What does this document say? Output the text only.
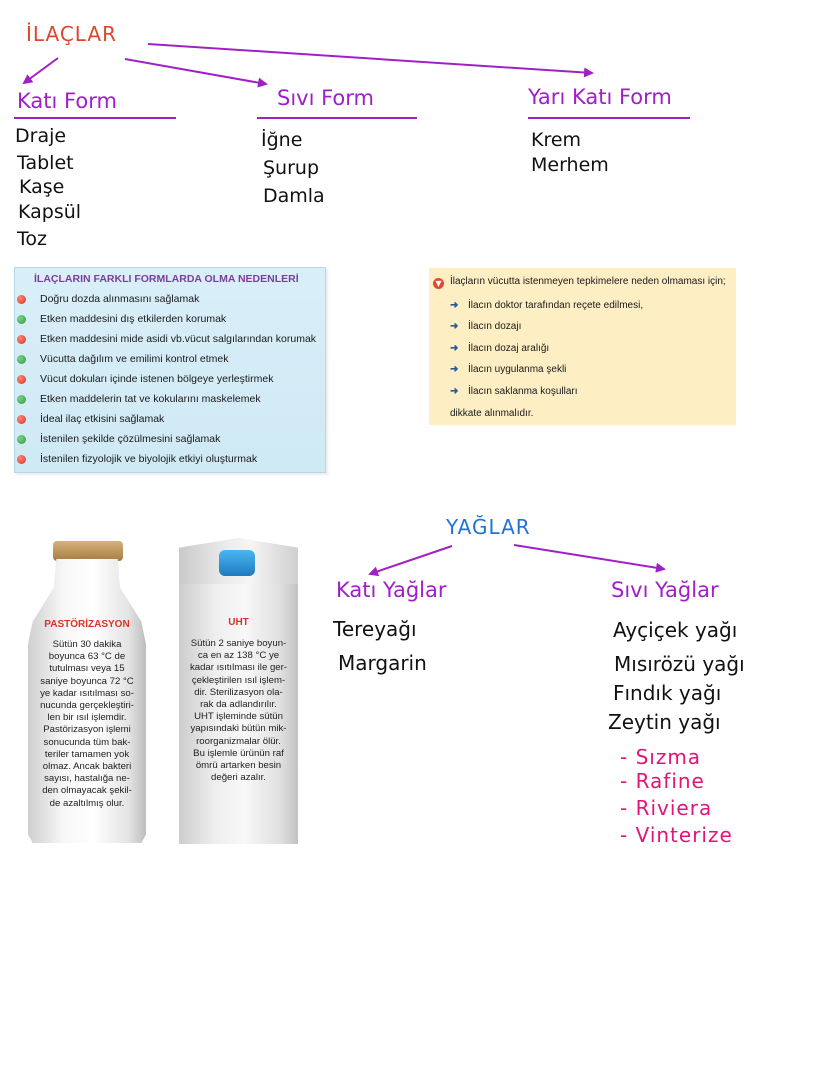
İLAÇLAR
Katı Form
Draje
Tablet
Kaşe
Kapsül
Toz
Sıvı Form
İğne
Şurup
Damla
Yarı Katı Form
Krem
Merhem
İLAÇLARIN FARKLI FORMLARDA OLMA NEDENLERİ
Doğru dozda alınmasını sağlamak
Etken maddesini dış etkilerden korumak
Etken maddesini mide asidi vb.vücut salgılarından korumak
Vücutta dağılım ve emilimi kontrol etmek
Vücut dokuları içinde istenen bölgeye yerleştirmek
Etken maddelerin tat ve kokularını maskelemek
İdeal ilaç etkisini sağlamak
İstenilen şekilde çözülmesini sağlamak
İstenilen fizyolojik ve biyolojik etkiyi oluşturmak
▼ İlaçların vücutta istenmeyen tepkimelere neden olmaması için;
➜ İlacın doktor tarafından reçete edilmesi,
➜ İlacın dozajı
➜ İlacın dozaj aralığı
➜ İlacın uygulanma şekli
➜ İlacın saklanma koşulları
dikkate alınmalıdır.
PASTÖRİZASYON
Sütün 30 dakika
boyunca 63 °C de
tutulması veya 15
saniye boyunca 72 °C
ye kadar ısıtılması so-
nucunda gerçekleştiri-
len bir ısıl işlemdir.
Pastörizasyon işlemi
sonucunda tüm bak-
teriler tamamen yok
olmaz. Ancak bakteri
sayısı, hastalığa ne-
den olmayacak şekil-
de azaltılmış olur.
UHT
Sütün 2 saniye boyun-
ca en az 138 °C ye
kadar ısıtılması ile ger-
çekleştirilen ısıl işlem-
dir. Sterilizasyon ola-
rak da adlandırılır.
UHT işleminde sütün
yapısındaki bütün mik-
roorganizmalar ölür.
Bu işlemle ürünün raf
ömrü artarken besin
değeri azalır.
YAĞLAR
Katı Yağlar
Tereyağı
Margarin
Sıvı Yağlar
Ayçiçek yağı
Mısırözü yağı
Fındık yağı
Zeytin yağı
- Sızma
- Rafine
- Riviera
- Vinterize
